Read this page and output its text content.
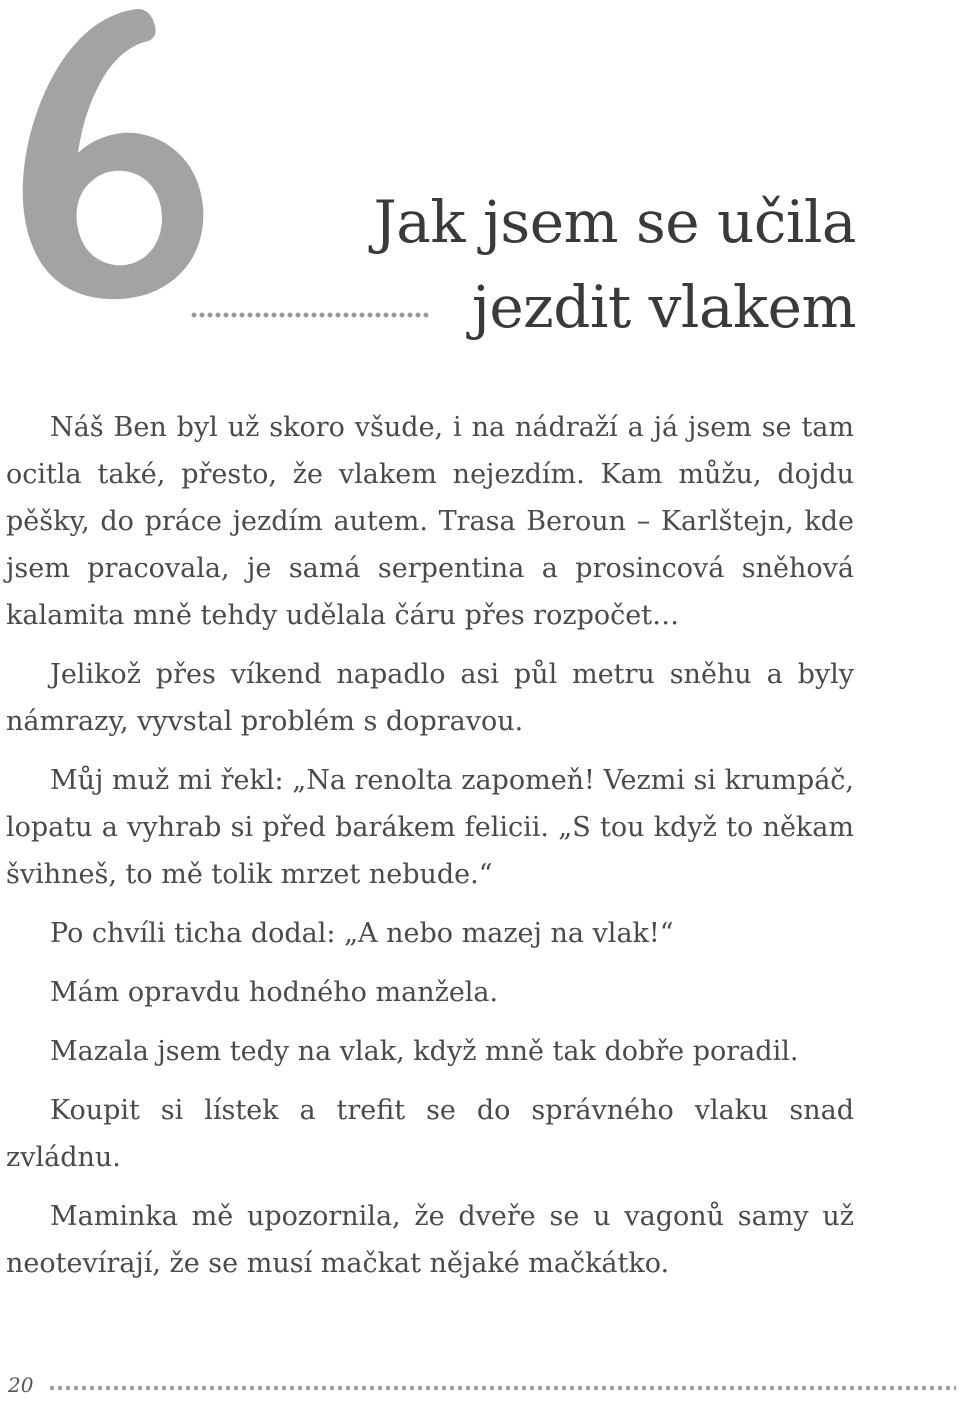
Jak jsem se učila
jezdit vlakem

Náš Ben byl už skoro všude, i na nádraží a já jsem se tam ocitla také, přesto, že vlakem nejezdím. Kam můžu, dojdu pěšky, do práce jezdím autem. Trasa Beroun – Karlštejn, kde jsem pracovala, je samá serpentina a prosincová sněhová kalamita mně tehdy udělala čáru přes rozpočet…

Jelikož přes víkend napadlo asi půl metru sněhu a byly námrazy, vyvstal problém s dopravou.

Můj muž mi řekl: „Na renolta zapomeň! Vezmi si krumpáč, lopatu a vyhrab si před barákem felicii. „S tou když to někam švihneš, to mě tolik mrzet nebude.“

Po chvíli ticha dodal: „A nebo mazej na vlak!“

Mám opravdu hodného manžela.

Mazala jsem tedy na vlak, když mně tak dobře poradil.

Koupit si lístek a trefit se do správného vlaku snad zvládnu.

Maminka mě upozornila, že dveře se u vagonů samy už neotevírají, že se musí mačkat nějaké mačkátko.

20
